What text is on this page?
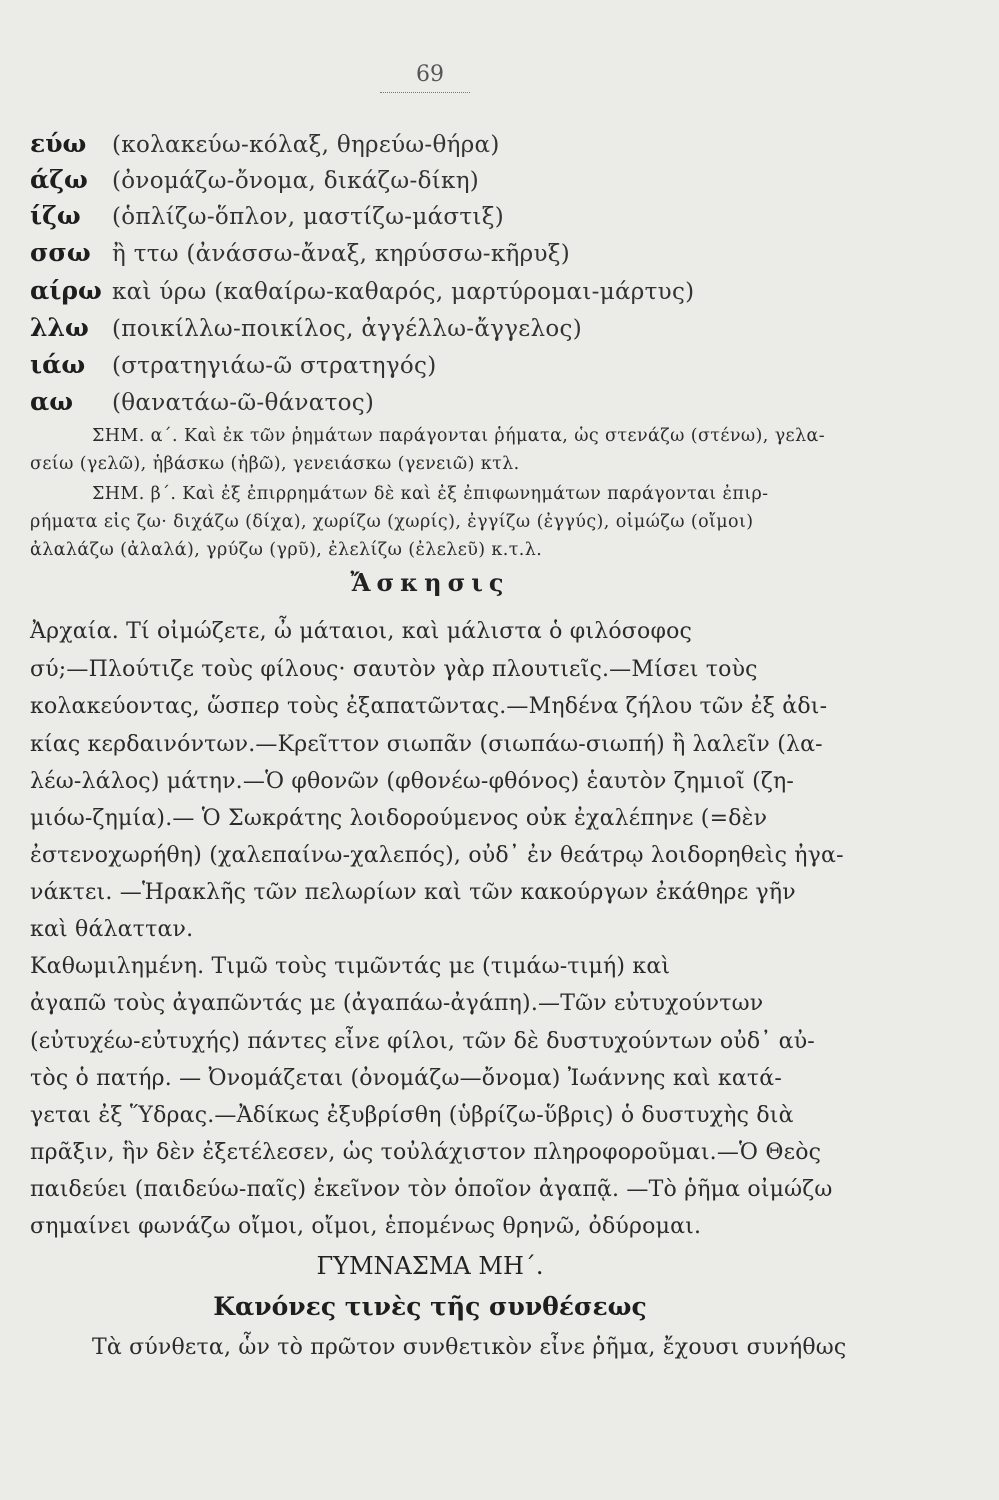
69
εύω (κολακεύω-κόλαξ, θηρεύω-θήρα)
άζω (ὀνομάζω-ὄνομα, δικάζω-δίκη)
ίζω (ὁπλίζω-ὅπλον, μαστίζω-μάστιξ)
σσω ἢ ττω (ἀνάσσω-ἄναξ, κηρύσσω-κῆρυξ)
αίρω καὶ ύρω (καθαίρω-καθαρός, μαρτύρομαι-μάρτυς)
λλω (ποικίλλω-ποικίλος, ἀγγέλλω-ἄγγελος)
ιάω (στρατηγιάω-ῶ στρατηγός)
αω (θανατάω-ῶ-θάνατος)
ΣΗΜ. α΄. Καὶ ἐκ τῶν ῥημάτων παράγονται ῥήματα, ὡς στενάζω (στένω), γελα-
σείω (γελῶ), ἡβάσκω (ἡβῶ), γενειάσκω (γενειῶ) κτλ.
ΣΗΜ. β΄. Καὶ ἐξ ἐπιρρημάτων δὲ καὶ ἐξ ἐπιφωνημάτων παράγονται ἐπιρ-
ρήματα εἰς ζω· διχάζω (δίχα), χωρίζω (χωρίς), ἐγγίζω (ἐγγύς), οἰμώζω (οἴμοι)
ἀλαλάζω (ἀλαλά), γρύζω (γρῦ), ἐλελίζω (ἐλελεῦ) κ.τ.λ.
Ἄσκησις
Ἀρχαία. Τί οἰμώζετε, ὦ μάταιοι, καὶ μάλιστα ὁ φιλόσοφος
σύ;—Πλούτιζε τοὺς φίλους· σαυτὸν γὰρ πλουτιεῖς.—Μίσει τοὺς
κολακεύοντας, ὥσπερ τοὺς ἐξαπατῶντας.—Μηδένα ζήλου τῶν ἐξ ἀδι-
κίας κερδαινόντων.—Κρεῖττον σιωπᾶν (σιωπάω-σιωπή) ἢ λαλεῖν (λα-
λέω-λάλος) μάτην.—Ὁ φθονῶν (φθονέω-φθόνος) ἑαυτὸν ζημιοῖ (ζη-
μιόω-ζημία).— Ὁ Σωκράτης λοιδορούμενος οὐκ ἐχαλέπηνε (=δὲν
ἐστενοχωρήθη) (χαλεπαίνω-χαλεπός), οὐδ᾽ ἐν θεάτρῳ λοιδορηθεὶς ἠγα-
νάκτει. —Ἡρακλῆς τῶν πελωρίων καὶ τῶν κακούργων ἐκάθηρε γῆν
καὶ θάλατταν.
Καθωμιλημένη. Τιμῶ τοὺς τιμῶντάς με (τιμάω-τιμή) καὶ
ἀγαπῶ τοὺς ἀγαπῶντάς με (ἀγαπάω-ἀγάπη).—Τῶν εὐτυχούντων
(εὐτυχέω-εὐτυχής) πάντες εἶνε φίλοι, τῶν δὲ δυστυχούντων οὐδ᾽ αὐ-
τὸς ὁ πατήρ. — Ὀνομάζεται (ὀνομάζω—ὄνομα) Ἰωάννης καὶ κατά-
γεται ἐξ Ὕδρας.—Ἀδίκως ἐξυβρίσθη (ὑβρίζω-ὕβρις) ὁ δυστυχὴς διὰ
πρᾶξιν, ἣν δὲν ἐξετέλεσεν, ὡς τοὐλάχιστον πληροφοροῦμαι.—Ὁ Θεὸς
παιδεύει (παιδεύω-παῖς) ἐκεῖνον τὸν ὁποῖον ἀγαπᾷ. —Τὸ ῥῆμα οἰμώζω
σημαίνει φωνάζω οἴμοι, οἴμοι, ἑπομένως θρηνῶ, ὀδύρομαι.
ΓΥΜΝΑΣΜΑ ΜΗ΄.
Κανόνες τινὲς τῆς συνθέσεως
Τὰ σύνθετα, ὧν τὸ πρῶτον συνθετικὸν εἶνε ῥῆμα, ἔχουσι συνήθως
